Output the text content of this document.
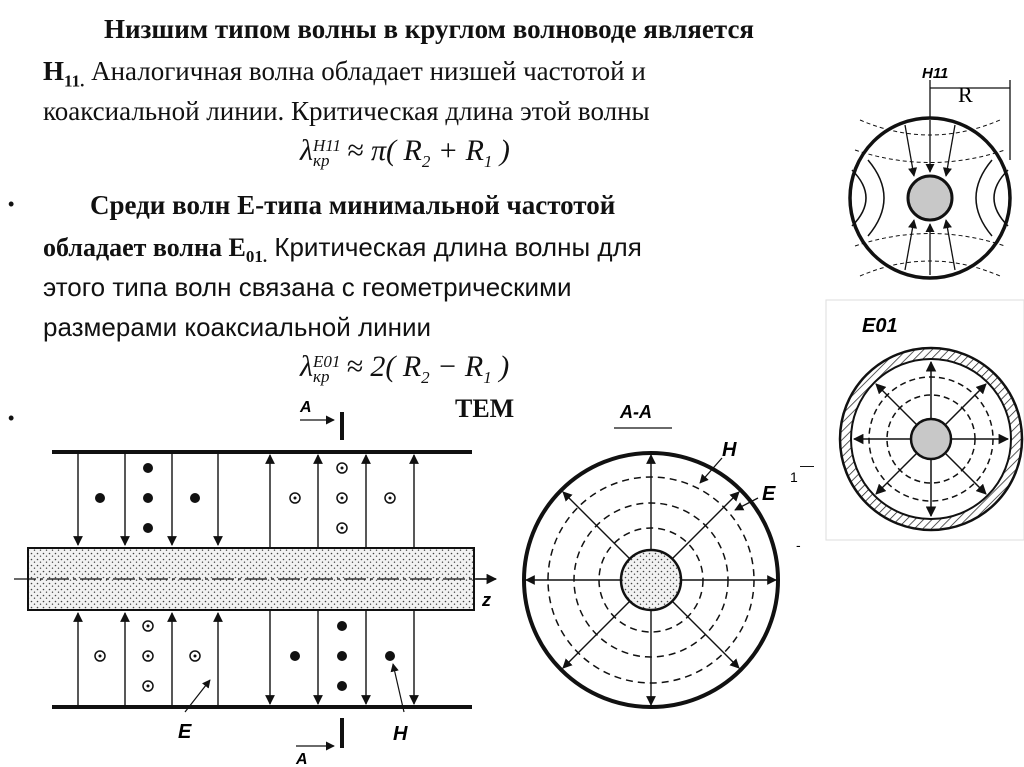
Низшим типом волны в круглом волноводе является
$H_{11.}$ Аналогичная волна обладает низшей частотой и
коаксиальной линии. Критическая длина этой волны
λ H11
кр ≈ π( $R_2 + R_1$ )
•	Среди волн Е-типа минимальной частотой
обладает волна $Е_{01.}$ Критическая длина волны для
этого типа волн связана с геометрическими
размерами коаксиальной линии
λ E01
кр ≈ 2( $R_2 - R_1$ )
•	TEM
H11
R
E01
z
A
A
E	H
A-A
H
E
1
—
-
